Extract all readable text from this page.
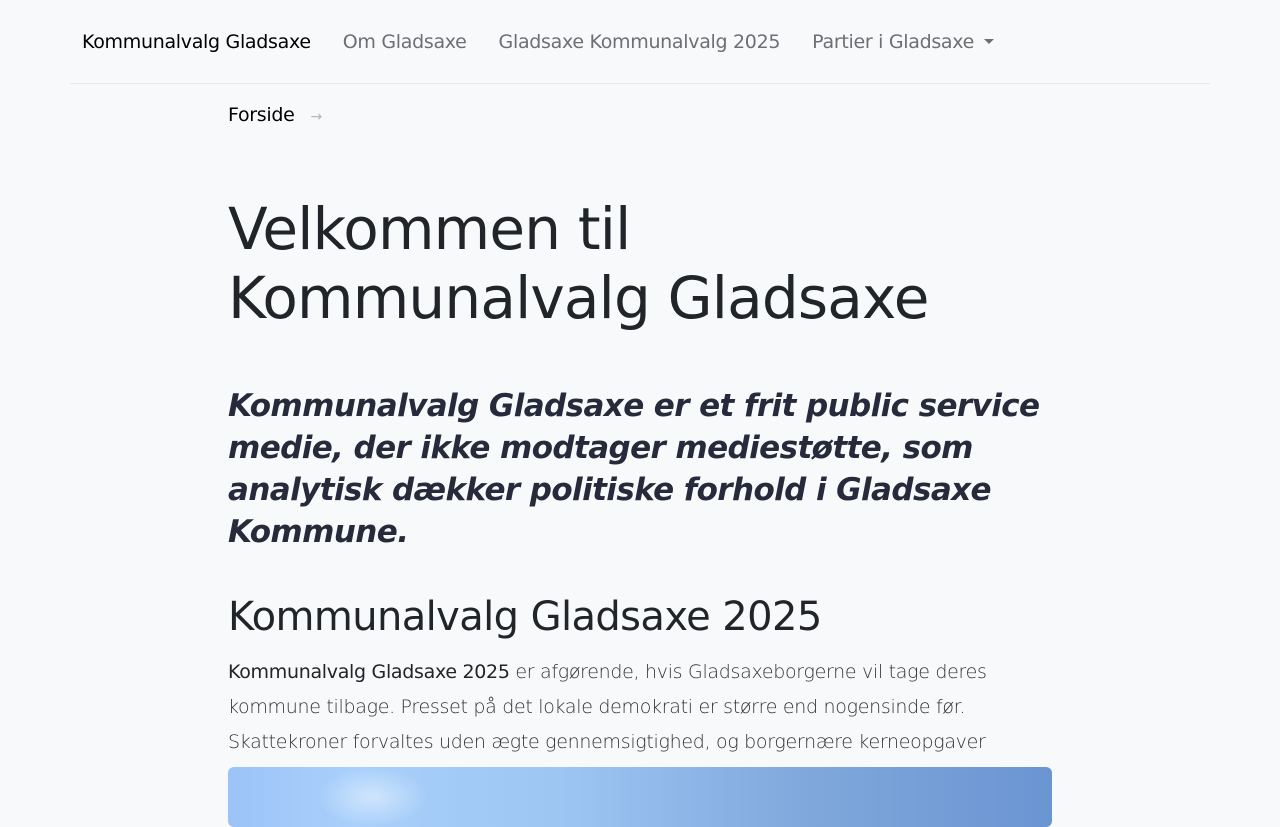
Kommunalvalg Gladsaxe Om Gladsaxe Gladsaxe Kommunalvalg 2025 Partier i Gladsaxe
Forside →
Velkommen til Kommunalvalg Gladsaxe

Kommunalvalg Gladsaxe er et frit public service medie, der ikke modtager mediestøtte, som analytisk dækker politiske forhold i Gladsaxe Kommune.

Kommunalvalg Gladsaxe 2025

Kommunalvalg Gladsaxe 2025 er afgørende, hvis Gladsaxeborgerne vil tage deres kommune tilbage. Presset på det lokale demokrati er større end nogensinde før. Skattekroner forvaltes uden ægte gennemsigtighed, og borgernære kerneopgaver
